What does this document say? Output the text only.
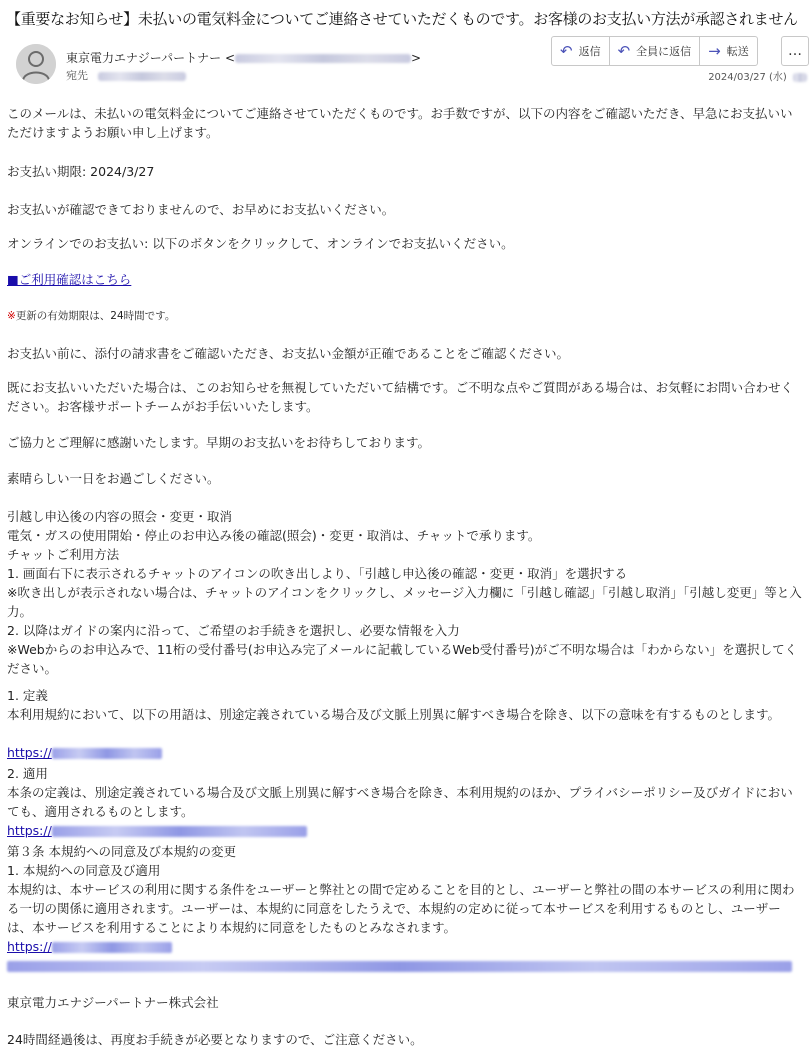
【重要なお知らせ】未払いの電気料金についてご連絡させていただくものです。お客様のお支払い方法が承認されません
東京電力エナジーパートナー <	>
宛先
↶ 返信 ↶ 全員に返信 → 転送	…
2024/03/27 (水)
このメールは、未払いの電気料金についてご連絡させていただくものです。お手数ですが、以下の内容をご確認いただき、早急にお支払いいただけますようお願い申し上げます。
お支払い期限: 2024/3/27
お支払いが確認できておりませんので、お早めにお支払いください。
オンラインでのお支払い: 以下のボタンをクリックして、オンラインでお支払いください。
■ご利用確認はこちら
※更新の有効期限は、24時間です。
お支払い前に、添付の請求書をご確認いただき、お支払い金額が正確であることをご確認ください。
既にお支払いいただいた場合は、このお知らせを無視していただいて結構です。ご不明な点やご質問がある場合は、お気軽にお問い合わせください。お客様サポートチームがお手伝いいたします。
ご協力とご理解に感謝いたします。早期のお支払いをお待ちしております。
素晴らしい一日をお過ごしください。
引越し申込後の内容の照会・変更・取消
電気・ガスの使用開始・停止のお申込み後の確認(照会)・変更・取消は、チャットで承ります。
チャットご利用方法
1. 画面右下に表示されるチャットのアイコンの吹き出しより、「引越し申込後の確認・変更・取消」を選択する
※吹き出しが表示されない場合は、チャットのアイコンをクリックし、メッセージ入力欄に「引越し確認」「引越し取消」「引越し変更」等と入力。
2. 以降はガイドの案内に沿って、ご希望のお手続きを選択し、必要な情報を入力
※Webからのお申込みで、11桁の受付番号(お申込み完了メールに記載しているWeb受付番号)がご不明な場合は「わからない」を選択してください。
1. 定義
本利用規約において、以下の用語は、別途定義されている場合及び文脈上別異に解すべき場合を除き、以下の意味を有するものとします。
https://
2. 適用
本条の定義は、別途定義されている場合及び文脈上別異に解すべき場合を除き、本利用規約のほか、プライバシーポリシー及びガイドにおいても、適用されるものとします。
https://
第３条 本規約への同意及び本規約の変更
1. 本規約への同意及び適用
本規約は、本サービスの利用に関する条件をユーザーと弊社との間で定めることを目的とし、ユーザーと弊社の間の本サービスの利用に関わる一切の関係に適用されます。ユーザーは、本規約に同意をしたうえで、本規約の定めに従って本サービスを利用するものとし、ユーザーは、本サービスを利用することにより本規約に同意をしたものとみなされます。
https://
東京電力エナジーパートナー株式会社
24時間経過後は、再度お手続きが必要となりますので、ご注意ください。
